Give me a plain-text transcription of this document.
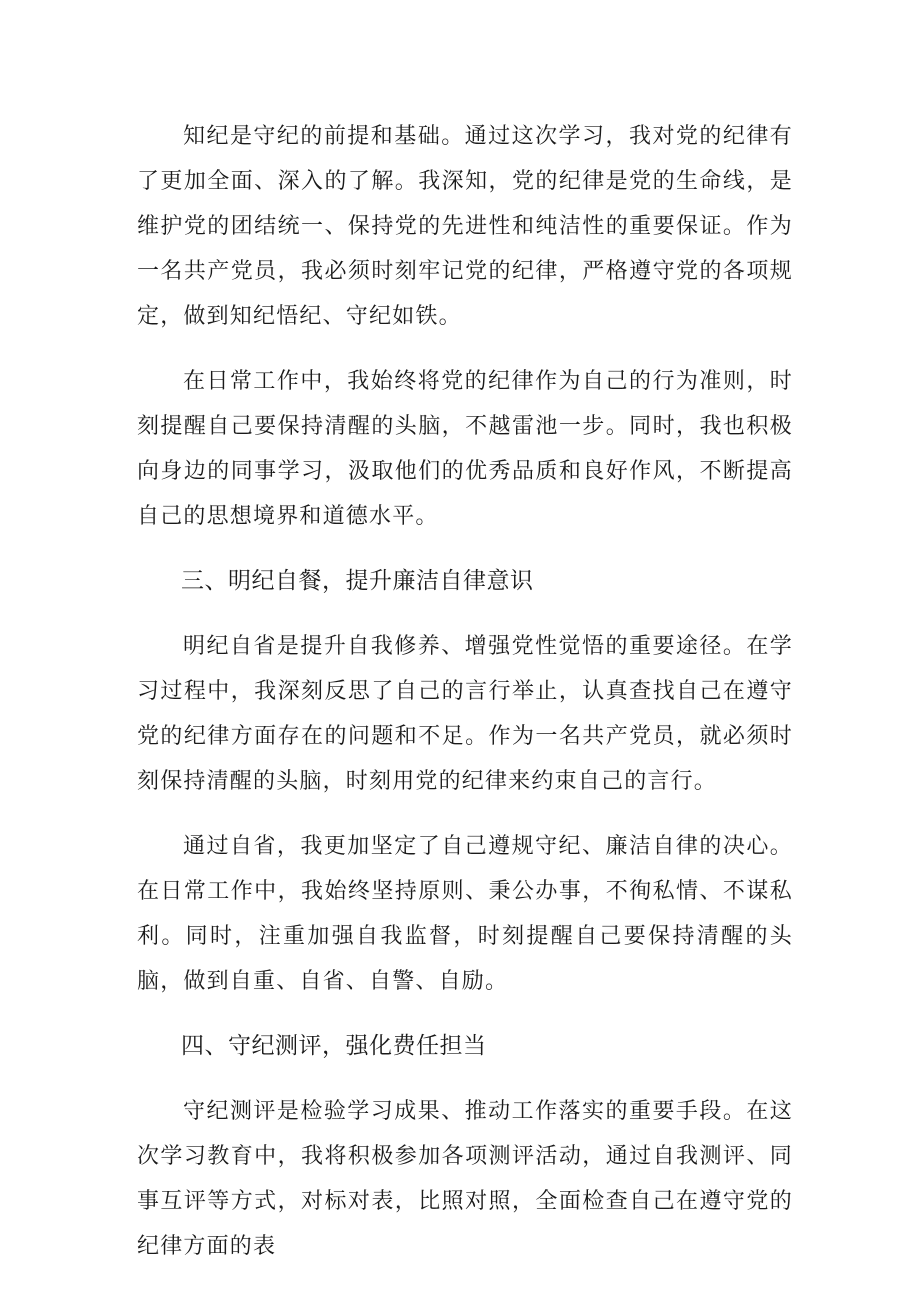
知纪是守纪的前提和基础。通过这次学习，我对党的纪律有了更加全面、深入的了解。我深知，党的纪律是党的生命线，是维护党的团结统一、保持党的先进性和纯洁性的重要保证。作为一名共产党员，我必须时刻牢记党的纪律，严格遵守党的各项规定，做到知纪悟纪、守纪如铁。

在日常工作中，我始终将党的纪律作为自己的行为准则，时刻提醒自己要保持清醒的头脑，不越雷池一步。同时，我也积极向身边的同事学习，汲取他们的优秀品质和良好作风，不断提高自己的思想境界和道德水平。

三、明纪自餐，提升廉洁自律意识

明纪自省是提升自我修养、增强党性觉悟的重要途径。在学习过程中，我深刻反思了自己的言行举止，认真查找自己在遵守党的纪律方面存在的问题和不足。作为一名共产党员，就必须时刻保持清醒的头脑，时刻用党的纪律来约束自己的言行。

通过自省，我更加坚定了自己遵规守纪、廉洁自律的决心。在日常工作中，我始终坚持原则、秉公办事，不徇私情、不谋私利。同时，注重加强自我监督，时刻提醒自己要保持清醒的头脑，做到自重、自省、自警、自励。

四、守纪测评，强化费任担当

守纪测评是检验学习成果、推动工作落实的重要手段。在这次学习教育中，我将积极参加各项测评活动，通过自我测评、同事互评等方式，对标对表，比照对照，全面检查自己在遵守党的纪律方面的表
